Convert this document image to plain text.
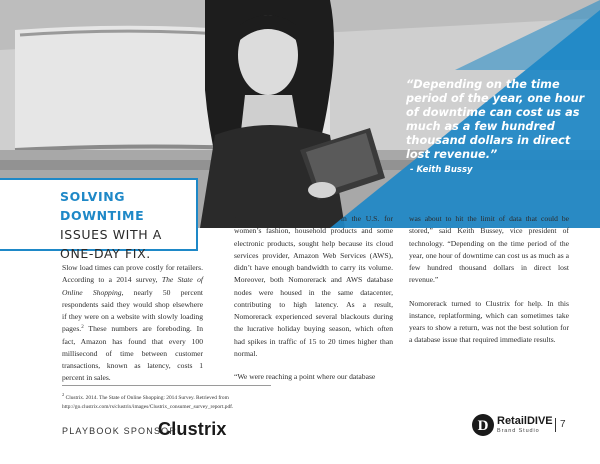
“Depending on the time period of the year, one hour of downtime can cost us as much as a few hundred thousand dollars in direct lost revenue.”
- Keith Bussy
SOLVING DOWNTIME
ISSUES WITH A
ONE-DAY FIX.

Slow load times can prove costly for retailers. According to a 2014 survey, The State of Online Shopping, nearly 50 percent respondents said they would shop elsewhere if they were on a website with slowly loading pages.$^2$ These numbers are foreboding. In fact, Amazon has found that every 100 millisecond of time between customer transactions, known as latency, costs 1 percent in sales.

Nomorerack, an online retailer in the U.S. for women’s fashion, household products and some electronic products, sought help because its cloud services provider, Amazon Web Services (AWS), didn’t have enough bandwidth to carry its volume. Moreover, both Nomorerack and AWS database nodes were housed in the same datacenter, contributing to high latency. As a result, Nomorerack experienced several blackouts during the lucrative holiday buying season, which often had spikes in traffic of 15 to 20 times higher than normal.

“We were reaching a point where our database

was about to hit the limit of data that could be stored,” said Keith Bussey, vice president of technology. “Depending on the time period of the year, one hour of downtime can cost us as much as a few hundred thousand dollars in direct lost revenue.”

Nomorerack turned to Clustrix for help. In this instance, replatforming, which can sometimes take years to show a return, was not the best solution for a database issue that required immediate results.

$^2$ Clustrix. 2014. The State of Online Shopping: 2014 Survey. Retrieved from
http://go.clustrix.com/rs/clustrix/images/Clustrix_consumer_survey_report.pdf.
PLAYBOOK SPONSOR
Clustrix	D RetailDIVE
Brand Studio
7
